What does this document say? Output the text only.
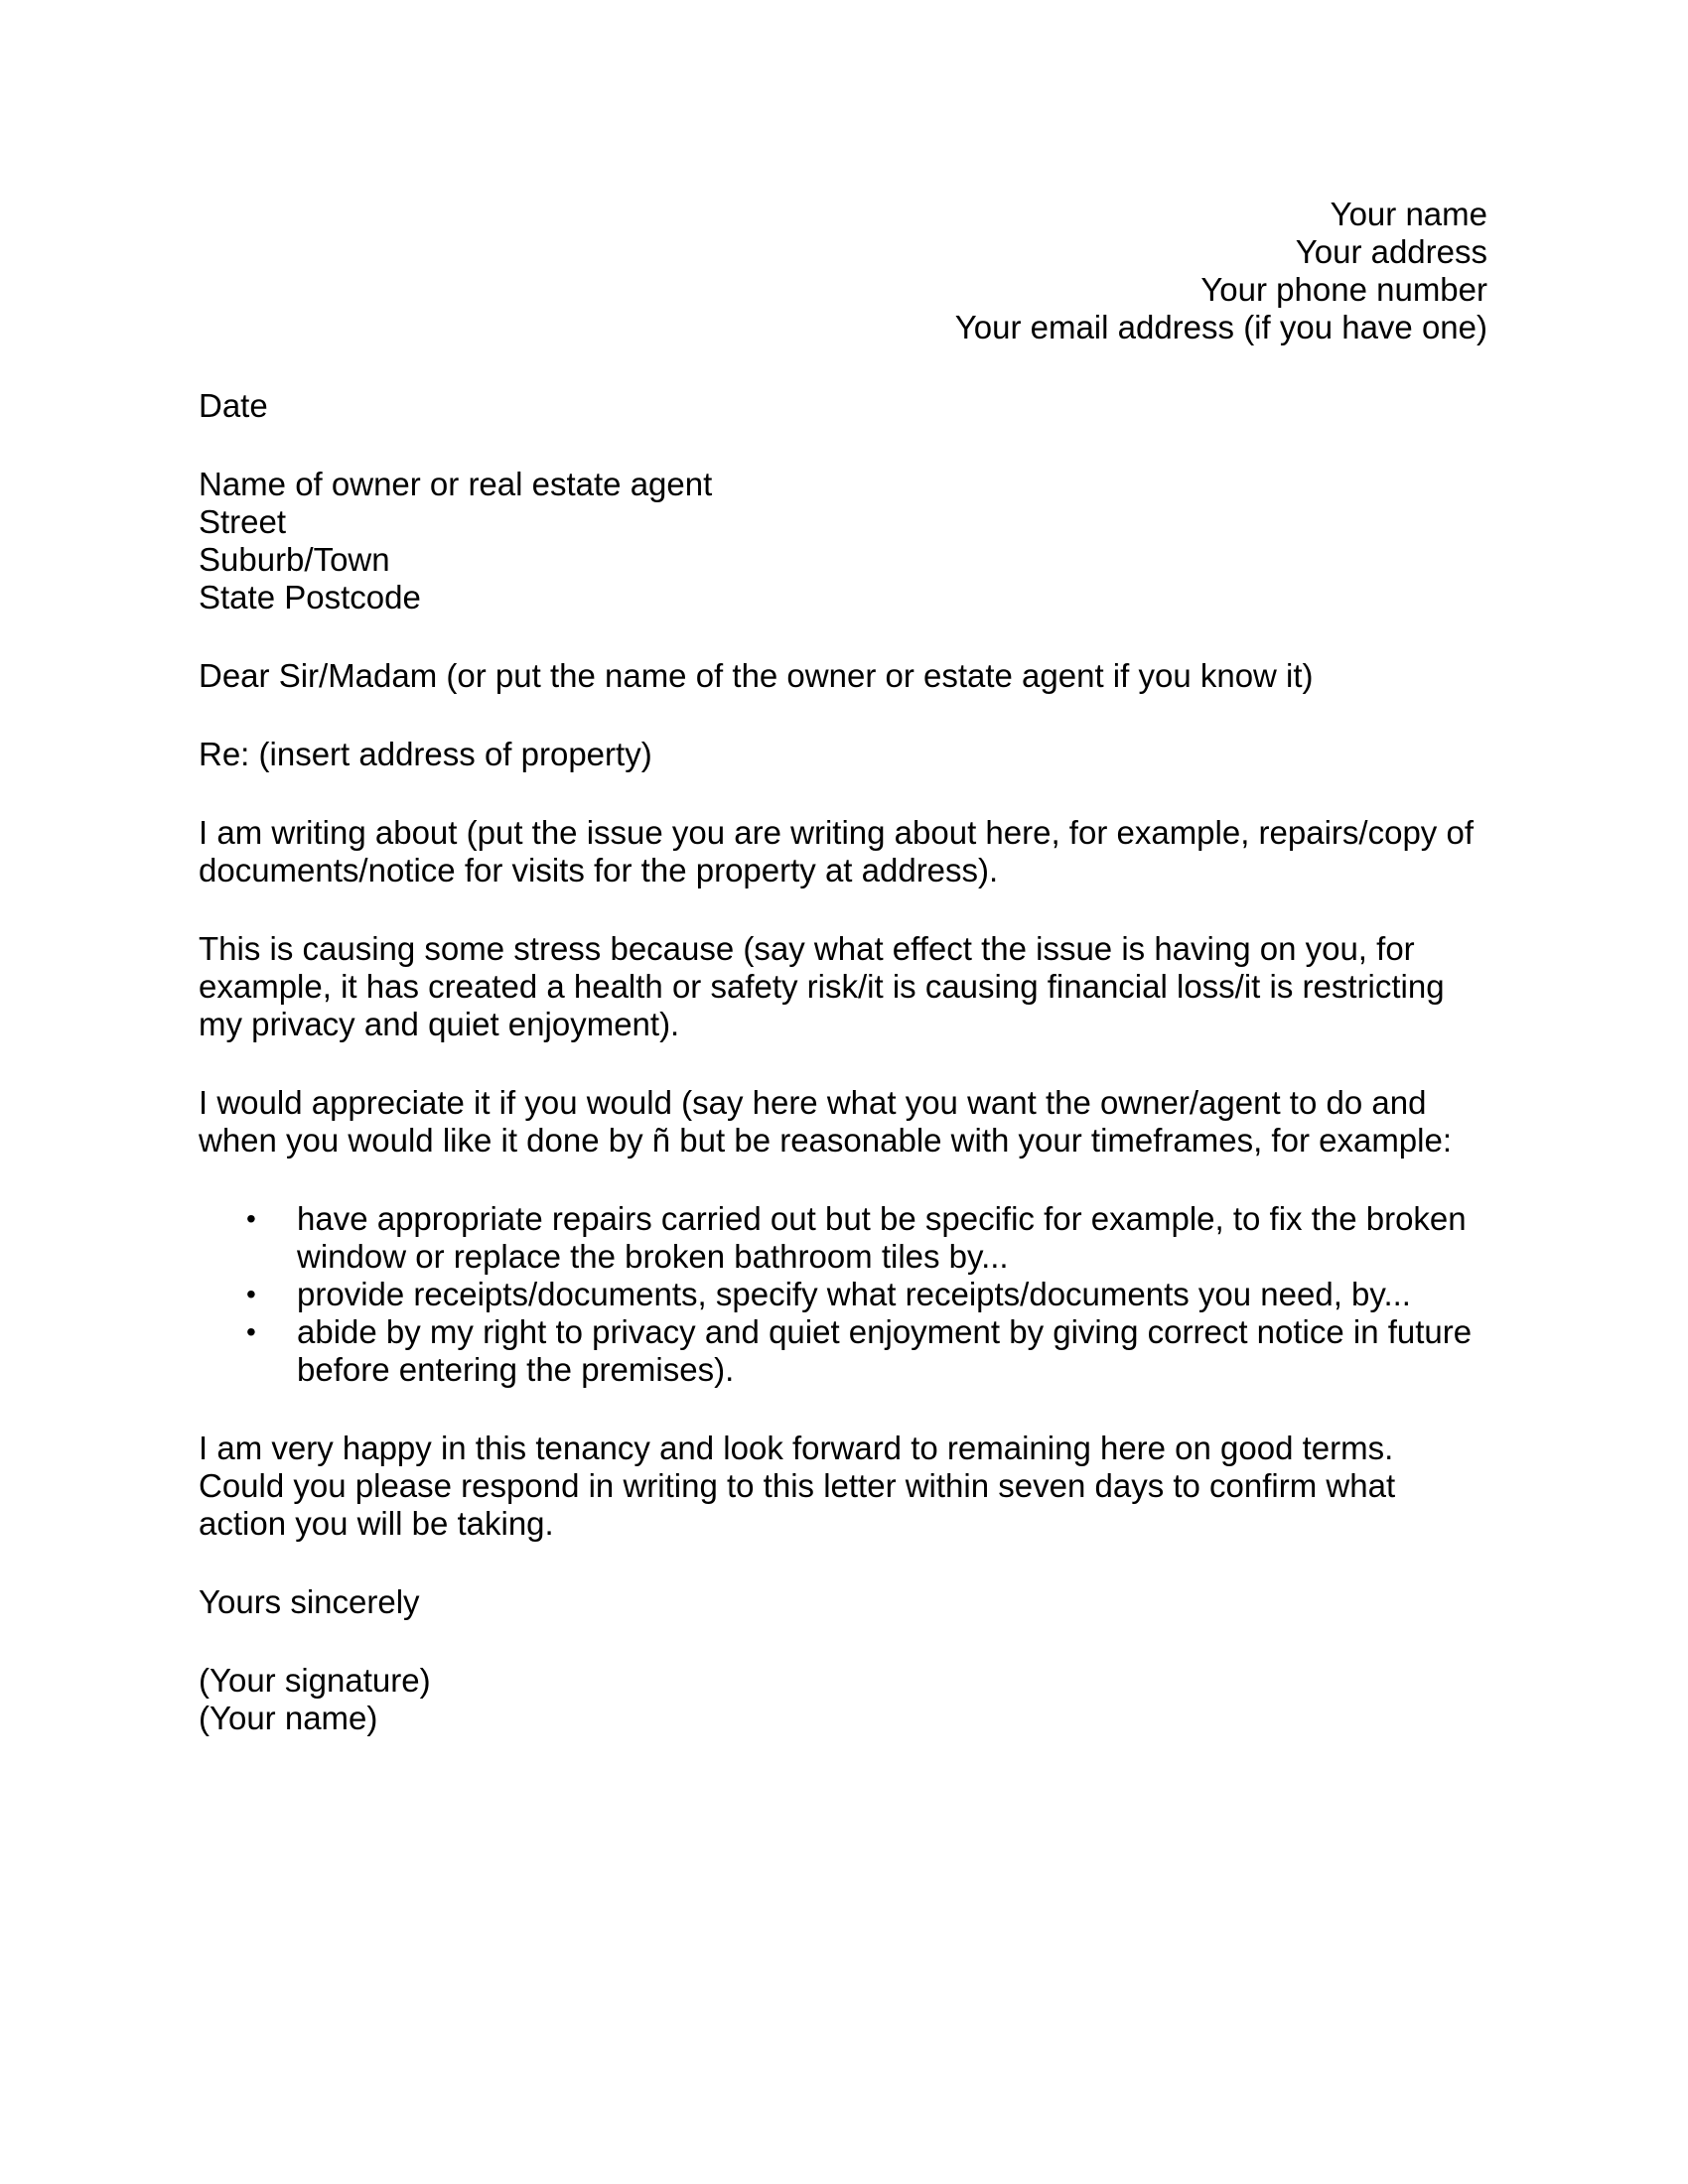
Your name
Your address
Your phone number
Your email address (if you have one)
Date
Name of owner or real estate agent
Street
Suburb/Town
State Postcode
Dear Sir/Madam (or put the name of the owner or estate agent if you know it)
Re: (insert address of property)
I am writing about (put the issue you are writing about here, for example, repairs/copy of
documents/notice for visits for the property at address).
This is causing some stress because (say what effect the issue is having on you, for
example, it has created a health or safety risk/it is causing financial loss/it is restricting
my privacy and quiet enjoyment).
I would appreciate it if you would (say here what you want the owner/agent to do and
when you would like it done by ñ but be reasonable with your timeframes, for example:
• have appropriate repairs carried out but be specific for example, to fix the broken
window or replace the broken bathroom tiles by...
• provide receipts/documents, specify what receipts/documents you need, by...
• abide by my right to privacy and quiet enjoyment by giving correct notice in future
before entering the premises).
I am very happy in this tenancy and look forward to remaining here on good terms.
Could you please respond in writing to this letter within seven days to confirm what
action you will be taking.
Yours sincerely
(Your signature)
(Your name)
